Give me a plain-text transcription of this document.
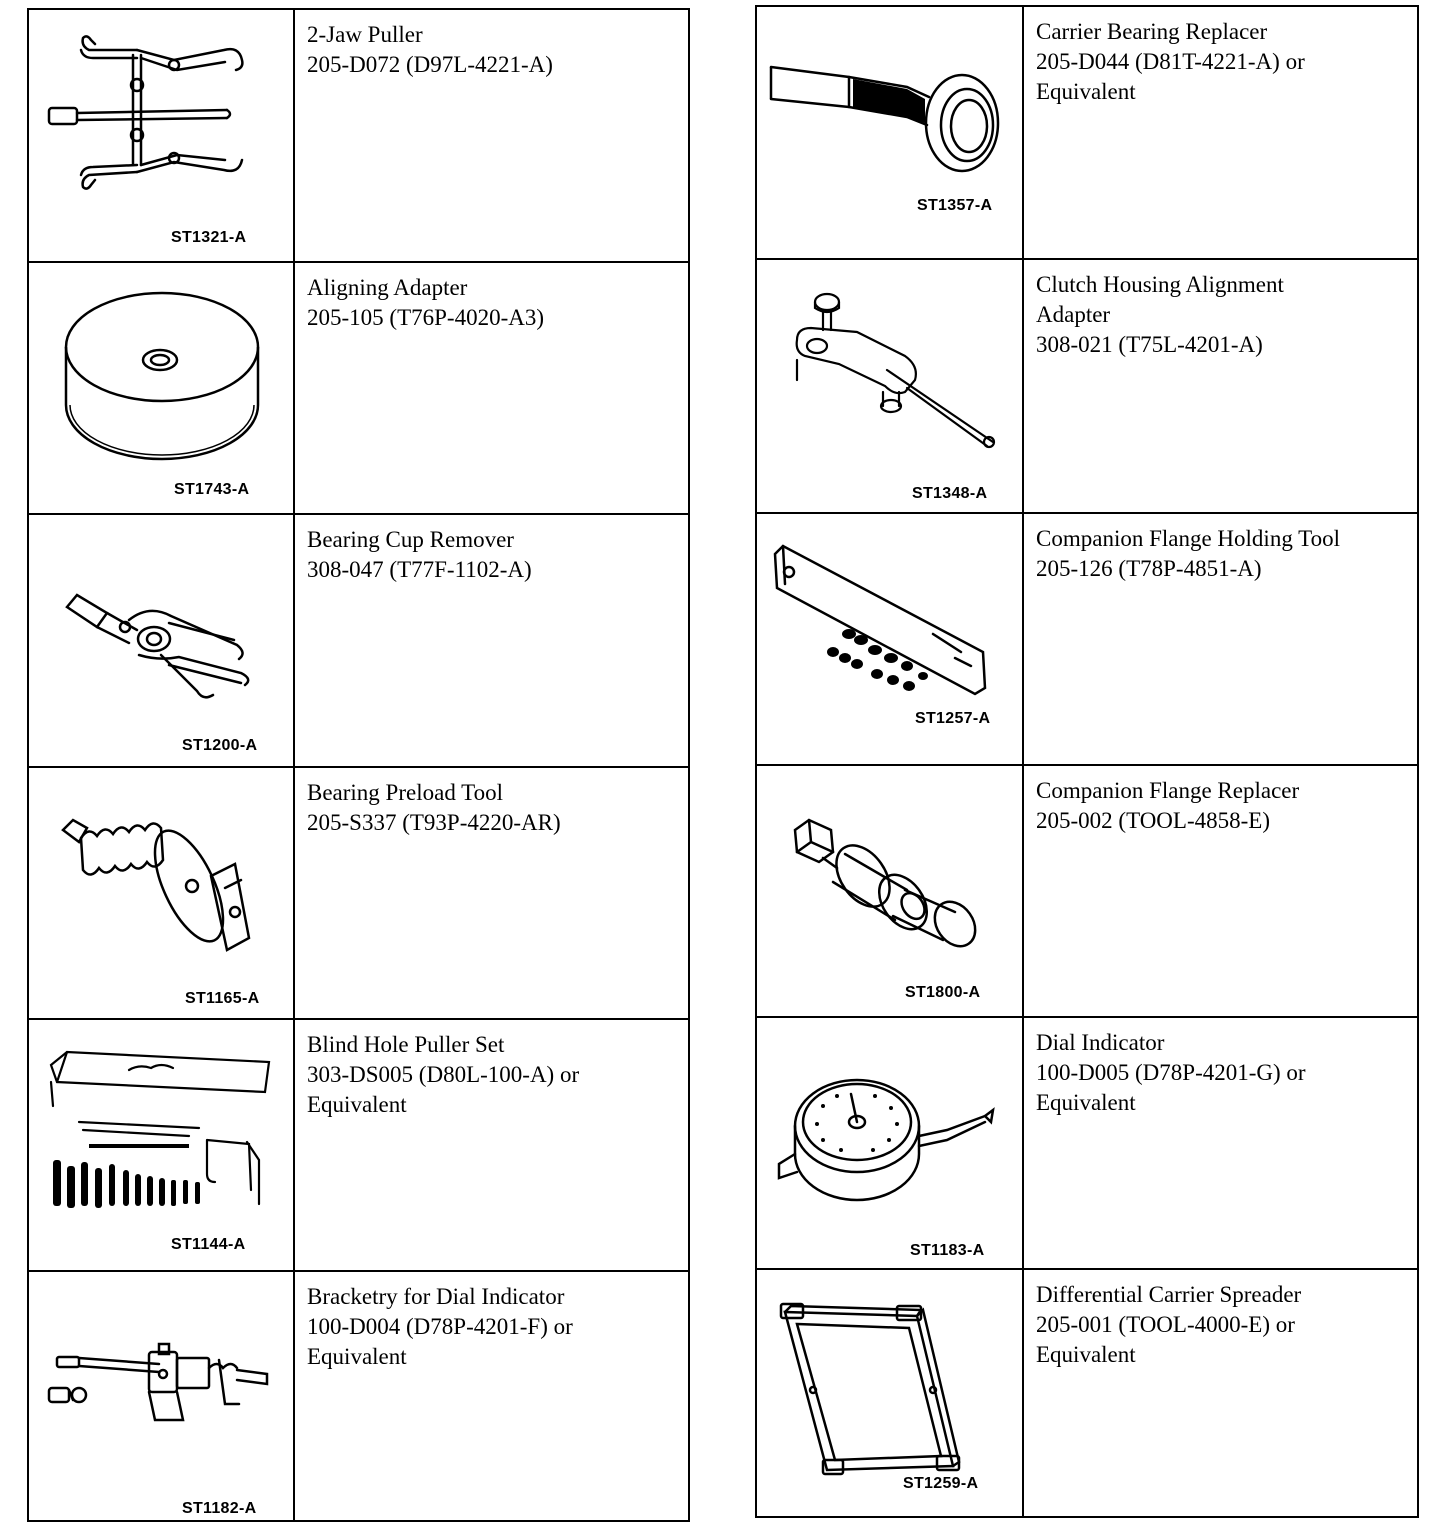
ST1321-A
2-Jaw Puller
205-D072 (D97L-4221-A)
ST1743-A
Aligning Adapter
205-105 (T76P-4020-A3)
ST1200-A
Bearing Cup Remover
308-047 (T77F-1102-A)
ST1165-A
Bearing Preload Tool
205-S337 (T93P-4220-AR)
ST1144-A
Blind Hole Puller Set
303-DS005 (D80L-100-A) or
Equivalent
ST1182-A
Bracketry for Dial Indicator
100-D004 (D78P-4201-F) or
Equivalent
ST1357-A
Carrier Bearing Replacer
205-D044 (D81T-4221-A) or
Equivalent
ST1348-A
Clutch Housing Alignment
Adapter
308-021 (T75L-4201-A)
ST1257-A
Companion Flange Holding Tool
205-126 (T78P-4851-A)
ST1800-A
Companion Flange Replacer
205-002 (TOOL-4858-E)
ST1183-A
Dial Indicator
100-D005 (D78P-4201-G) or
Equivalent
ST1259-A
Differential Carrier Spreader
205-001 (TOOL-4000-E) or
Equivalent
